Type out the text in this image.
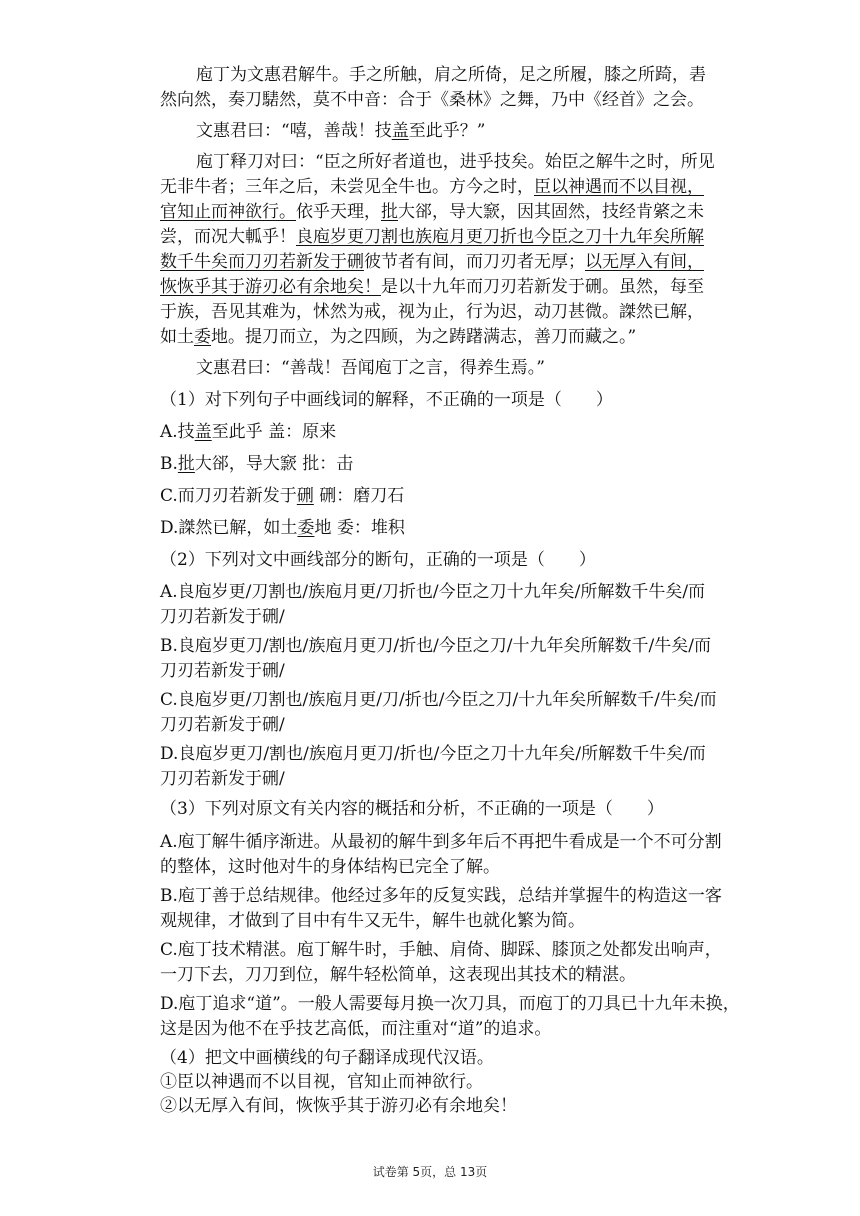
庖丁为文惠君解牛。手之所触，肩之所倚，足之所履，膝之所踦，砉
然向然，奏刀騞然，莫不中音：合于《桑林》之舞，乃中《经首》之会。
文惠君曰：“嘻，善哉！技盖至此乎？”
庖丁释刀对曰：“臣之所好者道也，进乎技矣。始臣之解牛之时，所见
无非牛者；三年之后，未尝见全牛也。方今之时，臣以神遇而不以目视，
官知止而神欲行。依乎天理，批大郤，导大窾，因其固然，技经肯綮之未
尝，而况大軱乎！良庖岁更刀割也族庖月更刀折也今臣之刀十九年矣所解
数千牛矣而刀刃若新发于硎彼节者有间，而刀刃者无厚；以无厚入有间，
恢恢乎其于游刃必有余地矣！是以十九年而刀刃若新发于硎。虽然，每至
于族，吾见其难为，怵然为戒，视为止，行为迟，动刀甚微。謋然已解，
如土委地。提刀而立，为之四顾，为之踌躇满志，善刀而藏之。”
文惠君曰：“善哉！吾闻庖丁之言，得养生焉。”
（1）对下列句子中画线词的解释，不正确的一项是（　　）
A.技盖至此乎 盖：原来
B.批大郤，导大窾 批：击
C.而刀刃若新发于硎 硎：磨刀石
D.謋然已解，如土委地 委：堆积
（2）下列对文中画线部分的断句，正确的一项是（　　）
A.良庖岁更/刀割也/族庖月更/刀折也/今臣之刀十九年矣/所解数千牛矣/而
刀刃若新发于硎/
B.良庖岁更刀/割也/族庖月更刀/折也/今臣之刀/十九年矣所解数千/牛矣/而
刀刃若新发于硎/
C.良庖岁更/刀割也/族庖月更/刀/折也/今臣之刀/十九年矣所解数千/牛矣/而
刀刃若新发于硎/
D.良庖岁更刀/割也/族庖月更刀/折也/今臣之刀十九年矣/所解数千牛矣/而
刀刃若新发于硎/
（3）下列对原文有关内容的概括和分析，不正确的一项是（　　）
A.庖丁解牛循序渐进。从最初的解牛到多年后不再把牛看成是一个不可分割
的整体，这时他对牛的身体结构已完全了解。
B.庖丁善于总结规律。他经过多年的反复实践，总结并掌握牛的构造这一客
观规律，才做到了目中有牛又无牛，解牛也就化繁为简。
C.庖丁技术精湛。庖丁解牛时，手触、肩倚、脚踩、膝顶之处都发出响声，
一刀下去，刀刀到位，解牛轻松简单，这表现出其技术的精湛。
D.庖丁追求“道”。一般人需要每月换一次刀具，而庖丁的刀具已十九年未换，
这是因为他不在乎技艺高低，而注重对“道”的追求。
（4）把文中画横线的句子翻译成现代汉语。
①臣以神遇而不以目视，官知止而神欲行。
②以无厚入有间，恢恢乎其于游刃必有余地矣！
试卷第 5页，总 13页
